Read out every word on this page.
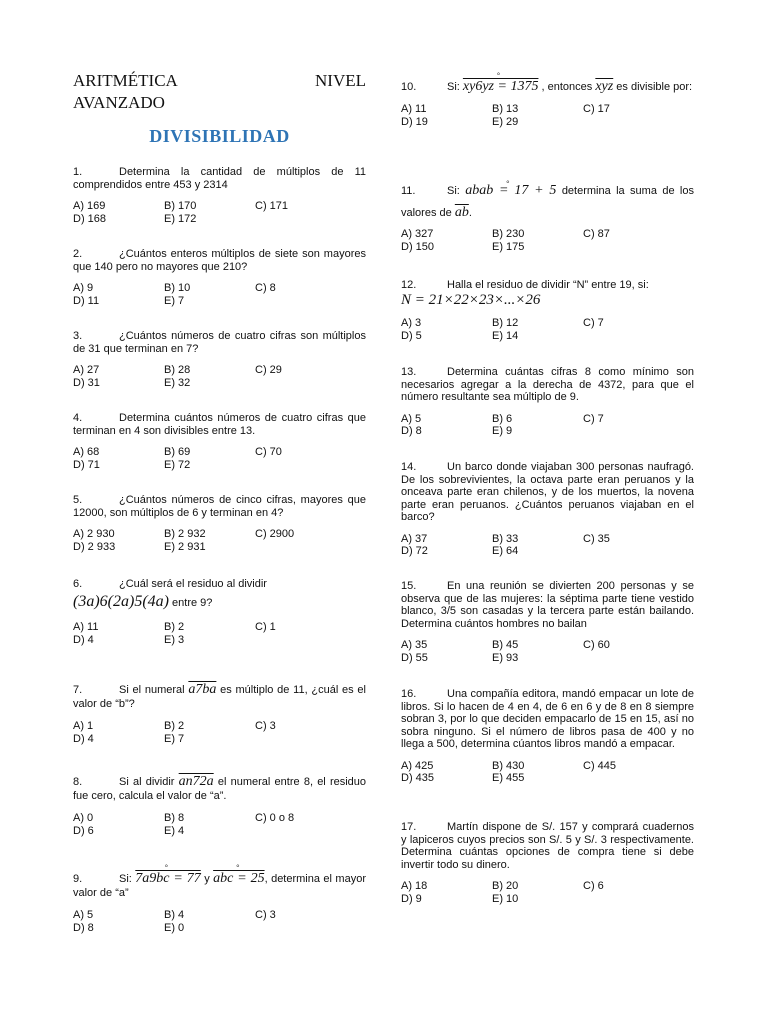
ARITMÉTICA	NIVEL
AVANZADO
DIVISIBILIDAD
1.	Determina la cantidad de múltiplos de 11 comprendidos entre 453 y 2314
A) 169	B) 170	C) 171
D) 168	E) 172
2.	¿Cuántos enteros múltiplos de siete son mayores que 140 pero no mayores que 210?
A) 9	B) 10	C) 8
D) 11	E) 7
3.	¿Cuántos números de cuatro cifras son múltiplos de 31 que terminan en 7?
A) 27	B) 28	C) 29
D) 31	E) 32
4.	Determina cuántos números de cuatro cifras que terminan en 4 son divisibles entre 13.
A) 68	B) 69	C) 70
D) 71	E) 72
5.	¿Cuántos números de cinco cifras, mayores que 12000, son múltiplos de 6 y terminan en 4?
A) 2 930	B) 2 932	C) 2900
D) 2 933	E) 2 931
6.	¿Cuál será el residuo al dividir
(3a)6(2a)5(4a) entre 9?
A) 11	B) 2	C) 1
D) 4	E) 3
7.	Si el numeral a7ba es múltiplo de 11, ¿cuál es el valor de “b”?
A) 1	B) 2	C) 3
D) 4	E) 7
8.	Si al dividir an72a el numeral entre 8, el residuo fue cero, calcula el valor de “a”.
A) 0	B) 8	C) 0 o 8
D) 6	E) 4
9.	Si: 7a9bc = 77 ° y abc = 25 °, determina el mayor valor de “a”
A) 5	B) 4	C) 3
D) 8	E) 0
10.	Si: xy6yz = 1375 ° , entonces $\overline{xyz}$ es divisible por:
A) 11	B) 13	C) 17
D) 19	E) 29
11.	Si: abab = 17 + 5 ° determina la suma de los valores de $\overline{ab}$.
A) 327	B) 230	C) 87
D) 150	E) 175
12.	Halla el residuo de dividir “N” entre 19, si:
N = 21×22×23×...×26
A) 3	B) 12	C) 7
D) 5	E) 14
13.	Determina cuántas cifras 8 como mínimo son necesarios agregar a la derecha de 4372, para que el número resultante sea múltiplo de 9.
A) 5	B) 6	C) 7
D) 8	E) 9
14.	Un barco donde viajaban 300 personas naufragó. De los sobrevivientes, la octava parte eran peruanos y la onceava parte eran chilenos, y de los muertos, la novena parte eran peruanos. ¿Cuántos peruanos viajaban en el barco?
A) 37	B) 33	C) 35
D) 72	E) 64
15.	En una reunión se divierten 200 personas y se observa que de las mujeres: la séptima parte tiene vestido blanco, 3/5 son casadas y la tercera parte están bailando. Determina cuántos hombres no bailan
A) 35	B) 45	C) 60
D) 55	E) 93
16.	Una compañía editora, mandó empacar un lote de libros. Si lo hacen de 4 en 4, de 6 en 6 y de 8 en 8 siempre sobran 3, por lo que deciden empacarlo de 15 en 15, así no sobra ninguno. Si el número de libros pasa de 400 y no llega a 500, determina cúantos libros mandó a empacar.
A) 425	B) 430	C) 445
D) 435	E) 455
17.	Martín dispone de S/. 157 y comprará cuadernos y lapiceros cuyos precios son S/. 5 y S/. 3 respectivamente. Determina cuántas opciones de compra tiene si debe invertir todo su dinero.
A) 18	B) 20	C) 6
D) 9	E) 10
